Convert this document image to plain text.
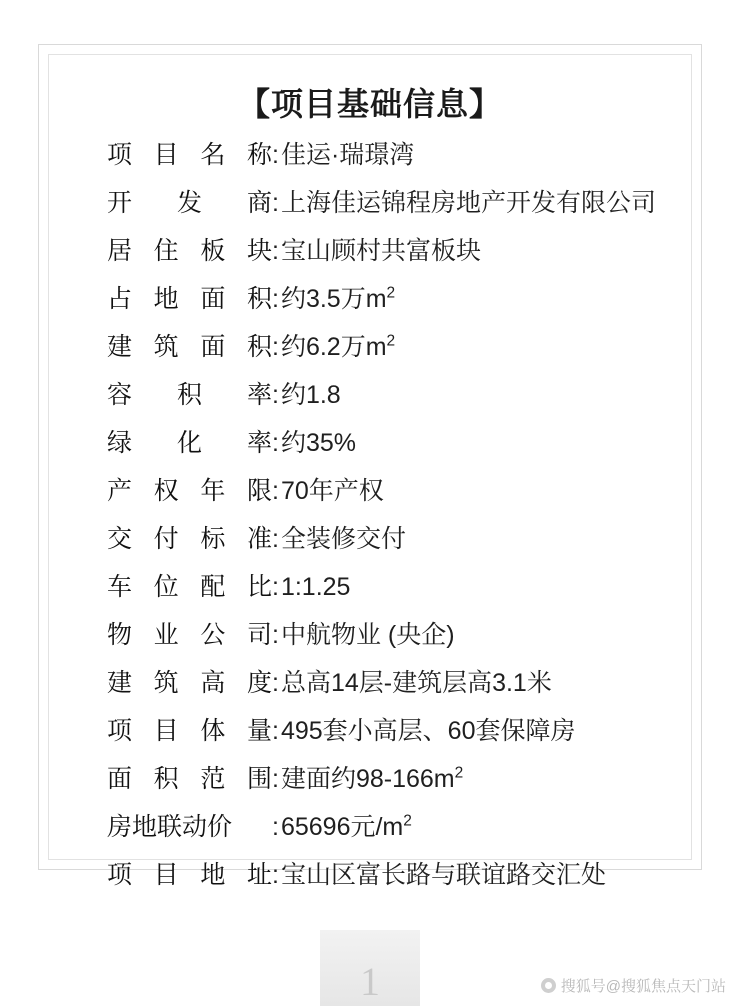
【项目基础信息】
项 目 名 称 : 佳运·瑞璟湾
开 发 商 : 上海佳运锦程房地产开发有限公司
居 住 板 块 : 宝山顾村共富板块
占 地 面 积 : 约3.5万$m^2$
建 筑 面 积 : 约6.2万$m^2$
容 积 率 : 约1.8
绿 化 率 : 约35%
产 权 年 限 : 70年产权
交 付 标 准 : 全装修交付
车 位 配 比 : 1:1.25
物 业 公 司 : 中航物业 (央企)
建 筑 高 度 : 总高14层-建筑层高3.1米
项 目 体 量 : 495套小高层、60套保障房
面 积 范 围 : 建面约$98-166m^2$
房地联动价	: 65696元$/m^2$
项 目 地 址 : 宝山区富长路与联谊路交汇处
1	搜狐号@搜狐焦点天门站
